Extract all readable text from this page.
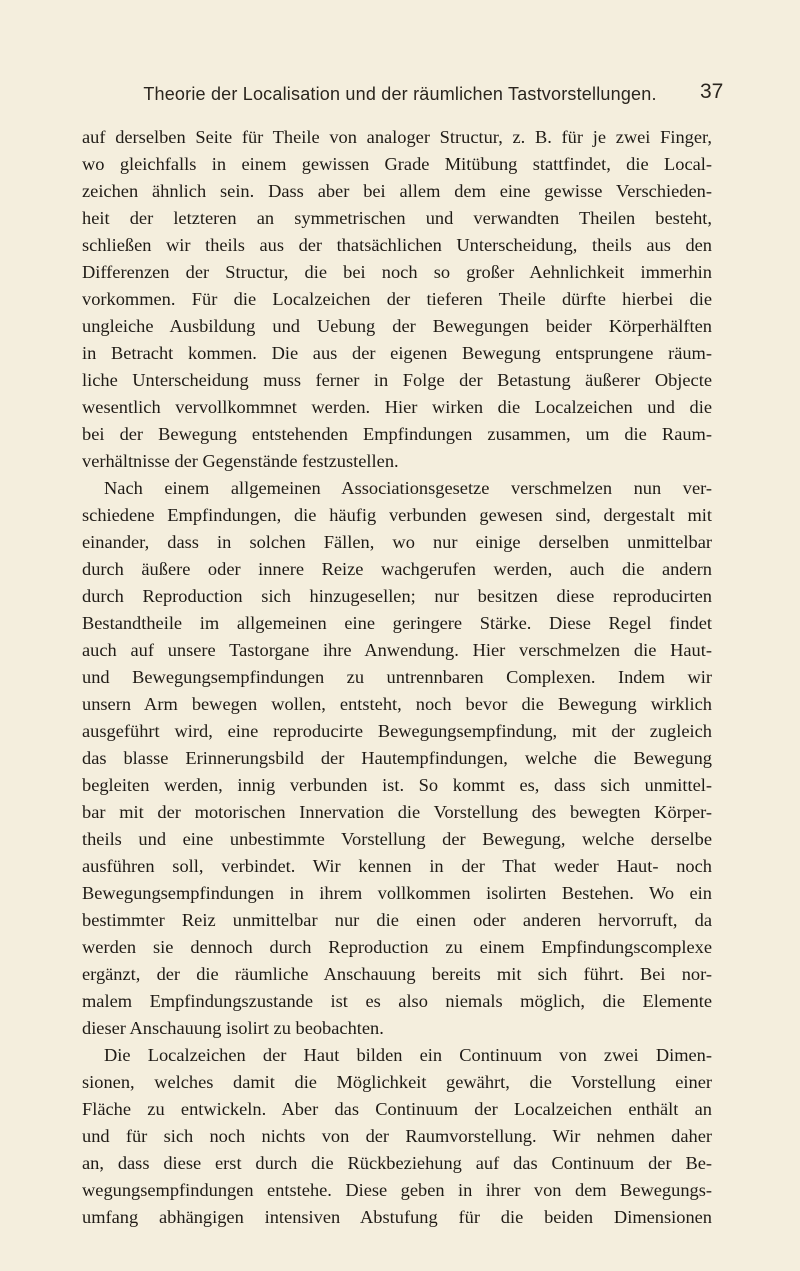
Theorie der Localisation und der räumlichen Tastvorstellungen.	37
auf derselben Seite für Theile von analoger Structur, z. B. für je zwei Finger,
wo gleichfalls in einem gewissen Grade Mitübung stattfindet, die Local-
zeichen ähnlich sein. Dass aber bei allem dem eine gewisse Verschieden-
heit der letzteren an symmetrischen und verwandten Theilen besteht,
schließen wir theils aus der thatsächlichen Unterscheidung, theils aus den
Differenzen der Structur, die bei noch so großer Aehnlichkeit immerhin
vorkommen. Für die Localzeichen der tieferen Theile dürfte hierbei die
ungleiche Ausbildung und Uebung der Bewegungen beider Körperhälften
in Betracht kommen. Die aus der eigenen Bewegung entsprungene räum-
liche Unterscheidung muss ferner in Folge der Betastung äußerer Objecte
wesentlich vervollkommnet werden. Hier wirken die Localzeichen und die
bei der Bewegung entstehenden Empfindungen zusammen, um die Raum-
verhältnisse der Gegenstände festzustellen.
Nach einem allgemeinen Associationsgesetze verschmelzen nun ver-
schiedene Empfindungen, die häufig verbunden gewesen sind, dergestalt mit
einander, dass in solchen Fällen, wo nur einige derselben unmittelbar
durch äußere oder innere Reize wachgerufen werden, auch die andern
durch Reproduction sich hinzugesellen; nur besitzen diese reproducirten
Bestandtheile im allgemeinen eine geringere Stärke. Diese Regel findet
auch auf unsere Tastorgane ihre Anwendung. Hier verschmelzen die Haut-
und Bewegungsempfindungen zu untrennbaren Complexen. Indem wir
unsern Arm bewegen wollen, entsteht, noch bevor die Bewegung wirklich
ausgeführt wird, eine reproducirte Bewegungsempfindung, mit der zugleich
das blasse Erinnerungsbild der Hautempfindungen, welche die Bewegung
begleiten werden, innig verbunden ist. So kommt es, dass sich unmittel-
bar mit der motorischen Innervation die Vorstellung des bewegten Körper-
theils und eine unbestimmte Vorstellung der Bewegung, welche derselbe
ausführen soll, verbindet. Wir kennen in der That weder Haut- noch
Bewegungsempfindungen in ihrem vollkommen isolirten Bestehen. Wo ein
bestimmter Reiz unmittelbar nur die einen oder anderen hervorruft, da
werden sie dennoch durch Reproduction zu einem Empfindungscomplexe
ergänzt, der die räumliche Anschauung bereits mit sich führt. Bei nor-
malem Empfindungszustande ist es also niemals möglich, die Elemente
dieser Anschauung isolirt zu beobachten.
Die Localzeichen der Haut bilden ein Continuum von zwei Dimen-
sionen, welches damit die Möglichkeit gewährt, die Vorstellung einer
Fläche zu entwickeln. Aber das Continuum der Localzeichen enthält an
und für sich noch nichts von der Raumvorstellung. Wir nehmen daher
an, dass diese erst durch die Rückbeziehung auf das Continuum der Be-
wegungsempfindungen entstehe. Diese geben in ihrer von dem Bewegungs-
umfang abhängigen intensiven Abstufung für die beiden Dimensionen
